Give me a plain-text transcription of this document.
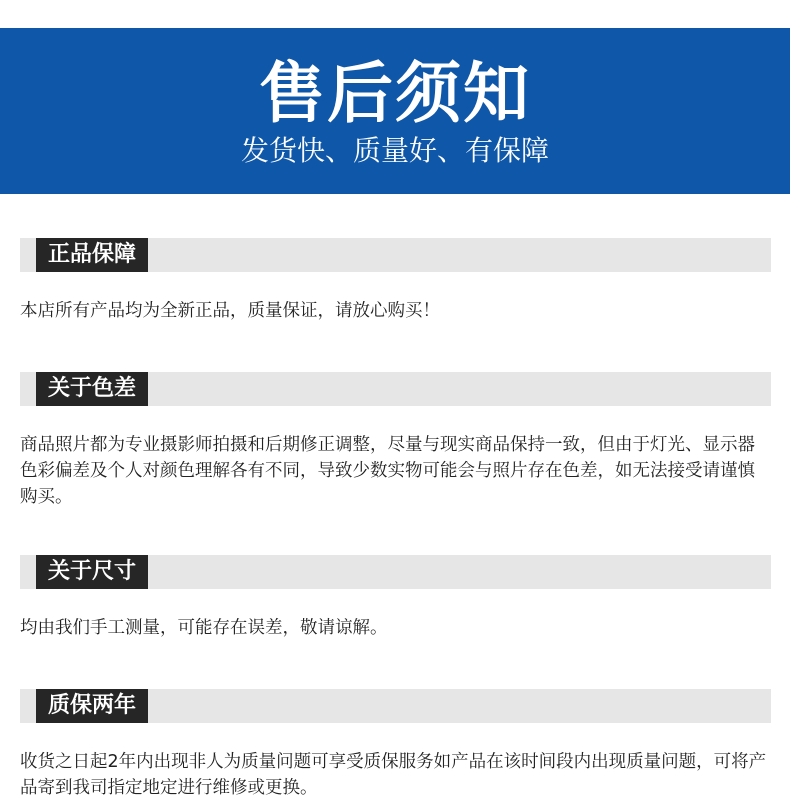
售后须知
发货快、质量好、有保障
正品保障
本店所有产品均为全新正品，质量保证，请放心购买！
关于色差
商品照片都为专业摄影师拍摄和后期修正调整，尽量与现实商品保持一致，但由于灯光、显示器色彩偏差及个人对颜色理解各有不同，导致少数实物可能会与照片存在色差，如无法接受请谨慎购买。
关于尺寸
均由我们手工测量，可能存在误差，敬请谅解。
质保两年
收货之日起2年内出现非人为质量问题可享受质保服务如产品在该时间段内出现质量问题，可将产品寄到我司指定地定进行维修或更换。
